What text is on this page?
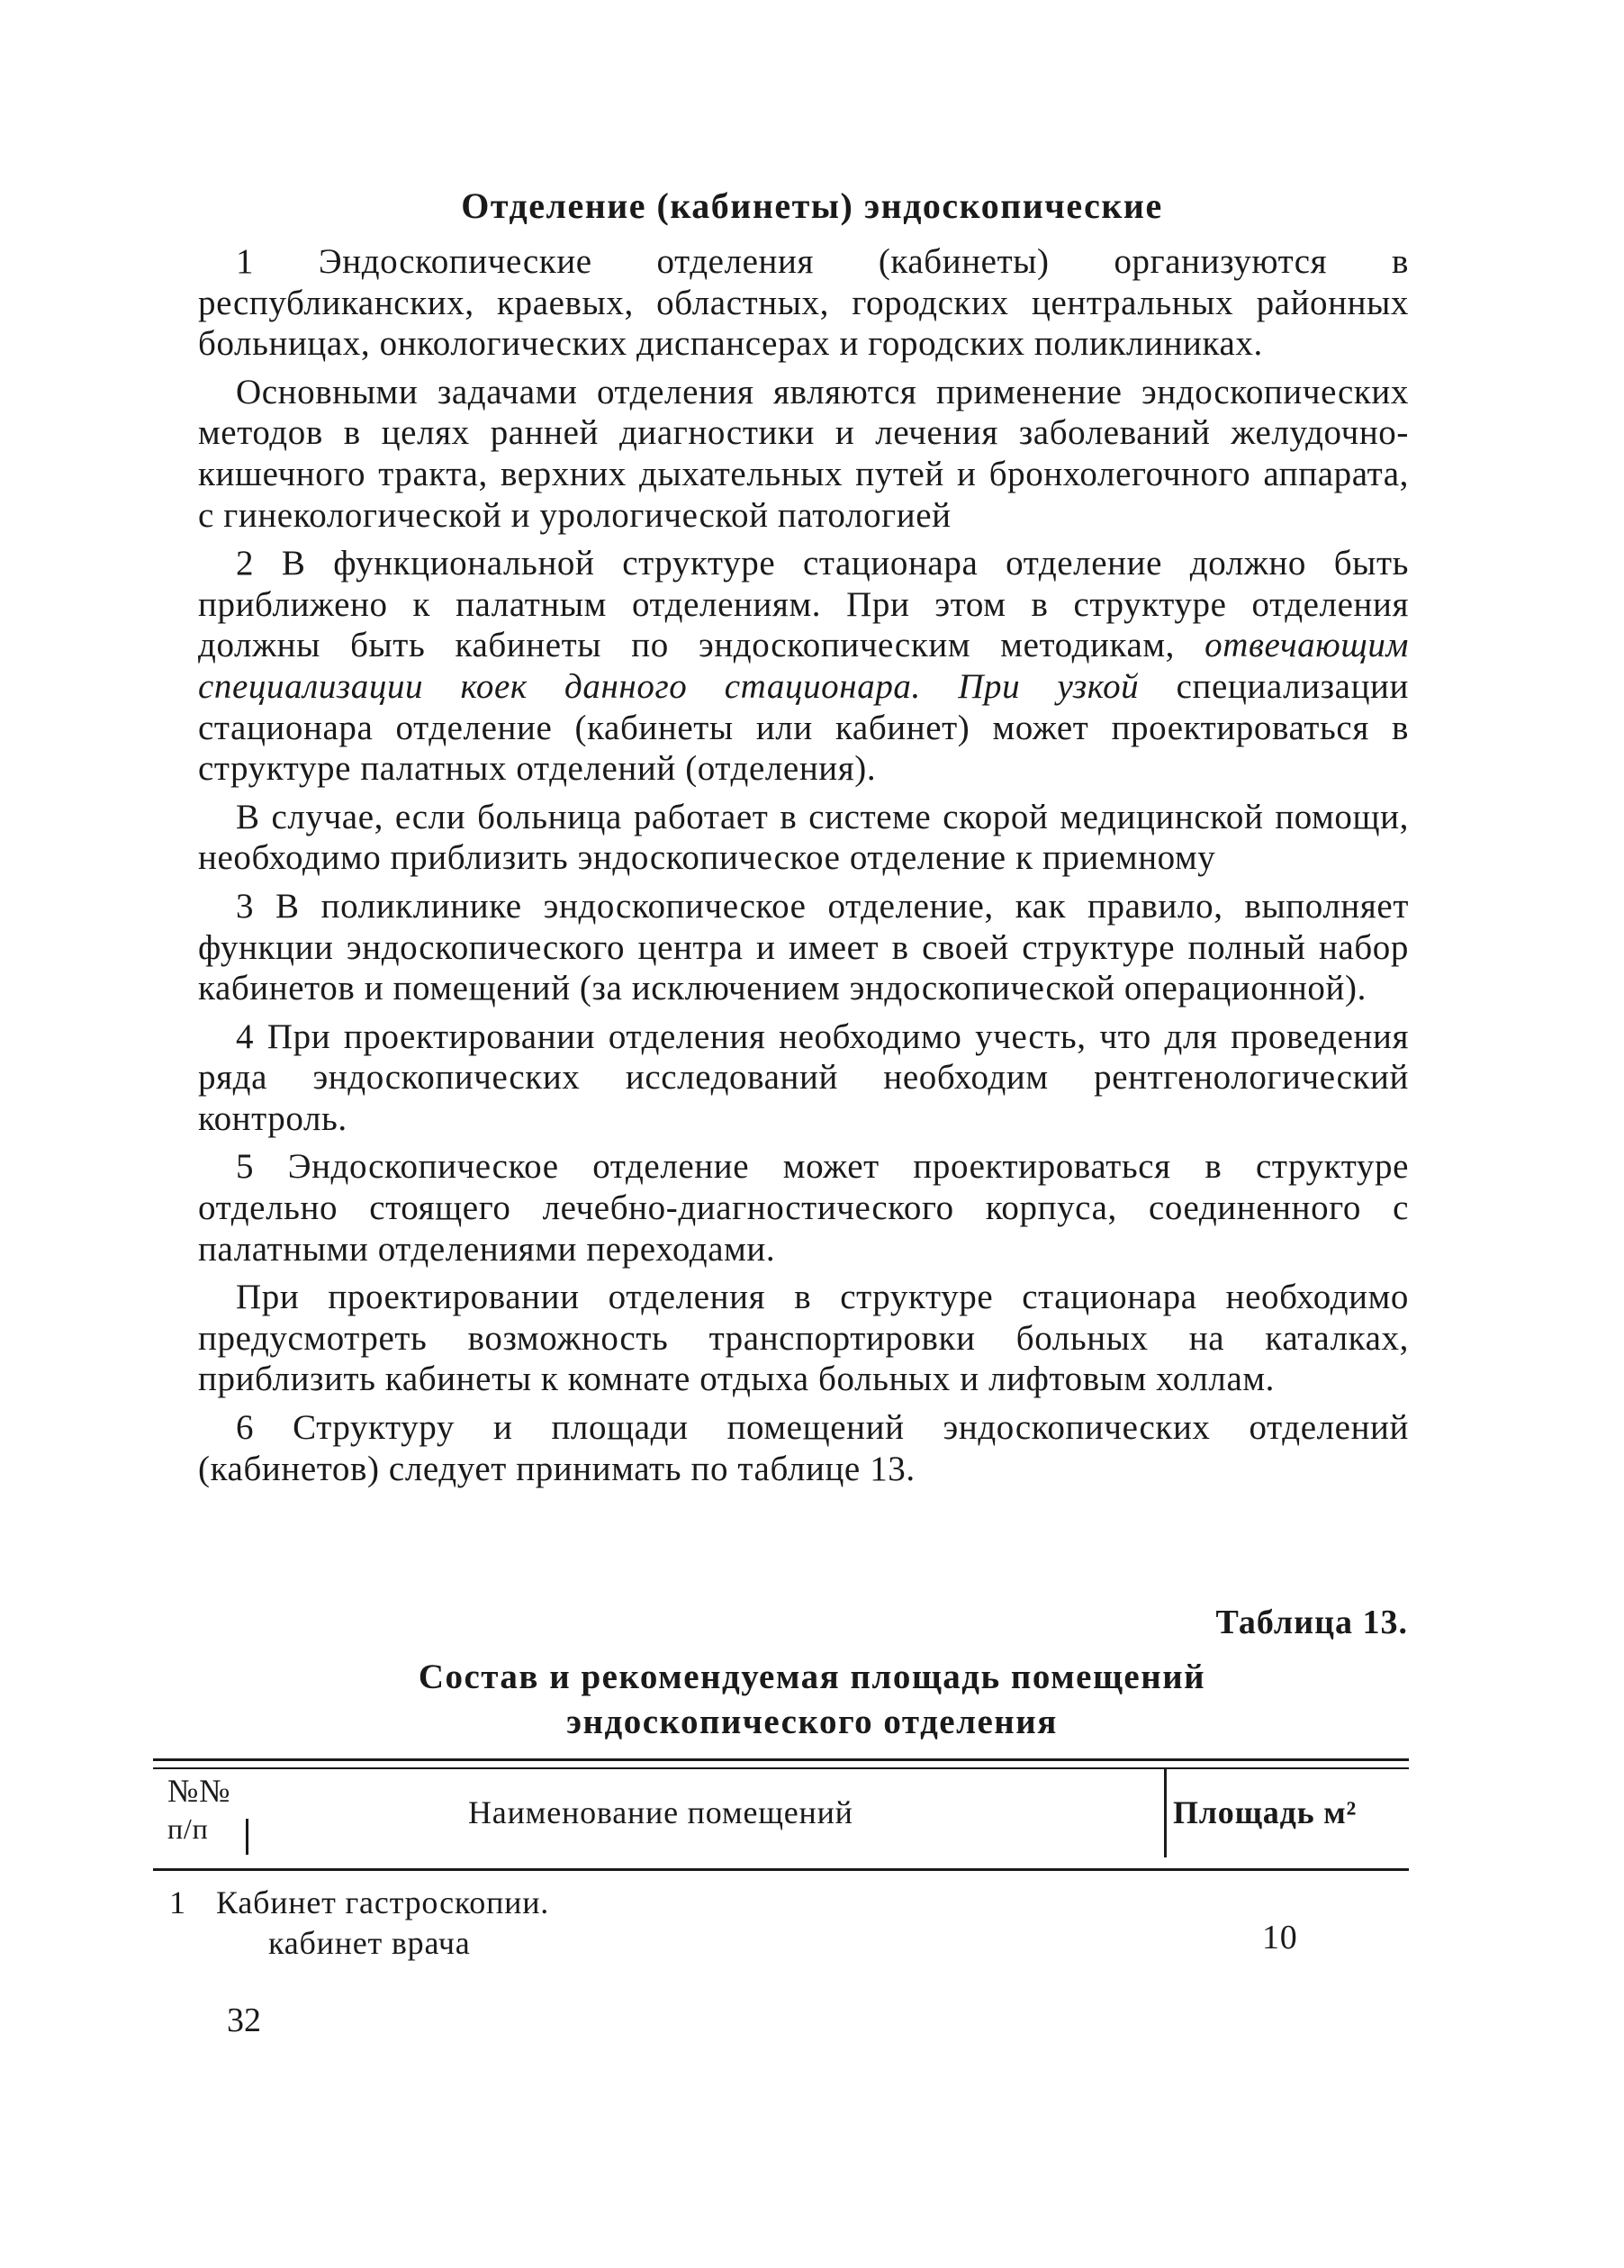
Отделение (кабинеты) эндоскопические

1 Эндоскопические отделения (кабинеты) организуются в республиканских, краевых, областных, городских центральных районных больницах, онкологических диспансерах и городских поликлиниках.

Основными задачами отделения являются применение эндоскопических методов в целях ранней диагностики и лечения заболеваний желудочно-кишечного тракта, верхних дыхательных путей и бронхолегочного аппарата, с гинекологической и урологической патологией

2 В функциональной структуре стационара отделение должно быть приближено к палатным отделениям. При этом в структуре отделения должны быть кабинеты по эндоскопическим методикам, отвечающим специализации коек данного стационара. При узкой специализации стационара отделение (кабинеты или кабинет) может проектироваться в структуре палатных отделений (отделения).

В случае, если больница работает в системе скорой медицинской помощи, необходимо приблизить эндоскопическое отделение к приемному

3 В поликлинике эндоскопическое отделение, как правило, выполняет функции эндоскопического центра и имеет в своей структуре полный набор кабинетов и помещений (за исключением эндоскопической операционной).

4 При проектировании отделения необходимо учесть, что для проведения ряда эндоскопических исследований необходим рентгенологический контроль.

5 Эндоскопическое отделение может проектироваться в структуре отдельно стоящего лечебно-диагностического корпуса, соединенного с палатными отделениями переходами.

При проектировании отделения в структуре стационара необходимо предусмотреть возможность транспортировки больных на каталках, приблизить кабинеты к комнате отдыха больных и лифтовым холлам.

6 Структуру и площади помещений эндоскопических отделений (кабинетов) следует принимать по таблице 13.

Таблица 13.
Состав и рекомендуемая площадь помещений
эндоскопического отделения
№№
п/п	Наименование помещений	Площадь м²
1 Кабинет гастроскопии.
кабинет врача	10
32
